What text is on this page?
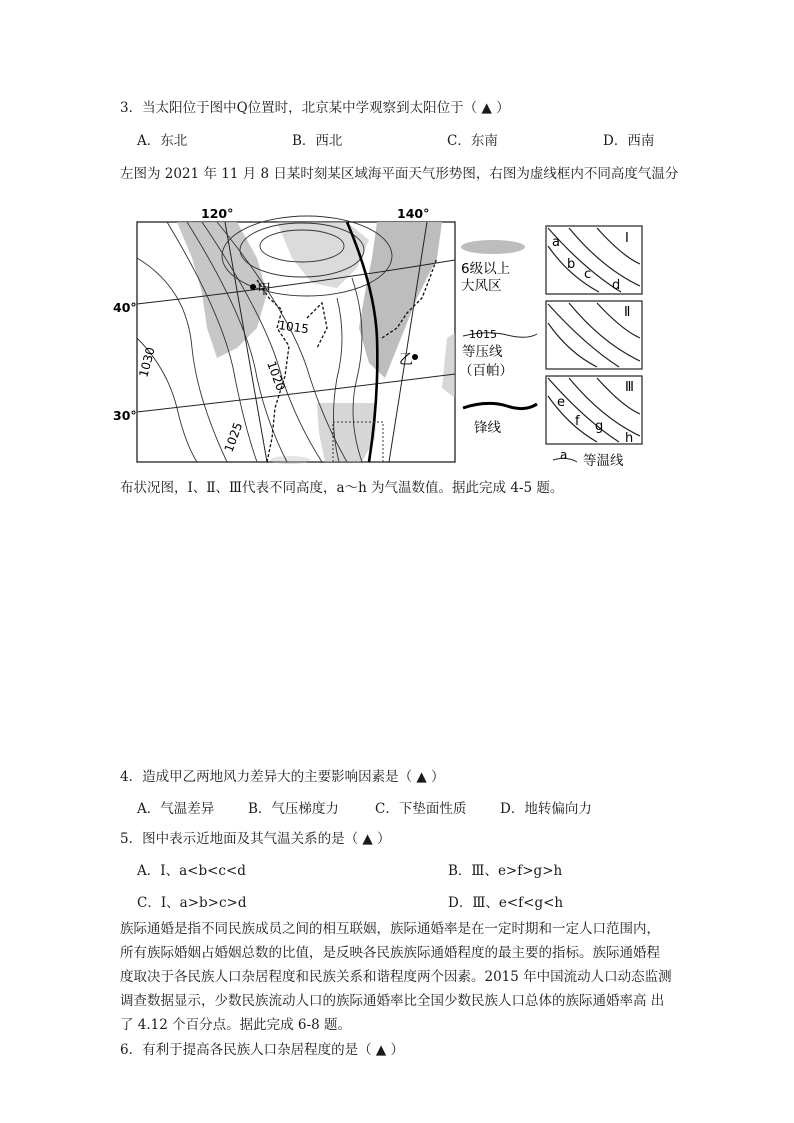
3．当太阳位于图中Q位置时，北京某中学观察到太阳位于（ ▲ ）
A．东北	B．西北	C．东南	D．西南
左图为 2021 年 11 月 8 日某时刻某区域海平面天气形势图，右图为虚线框内不同高度气温分
120°	140°
40°
30°
1015
1020
1025
1030
甲
乙
6级以上
大风区
1015
等压线
（百帕）
锋线
a
b
c
d
Ⅰ
Ⅱ
Ⅲ
e
f g
h
a 等温线
布状况图，Ⅰ、Ⅱ、Ⅲ代表不同高度，a～h 为气温数值。据此完成 4-5 题。
4．造成甲乙两地风力差异大的主要影响因素是（ ▲ ）
A．气温差异	B．气压梯度力	C．下垫面性质 D．地转偏向力
5．图中表示近地面及其气温关系的是（ ▲ ）
A．Ⅰ、a<b<c<d	B．Ⅲ、e>f>g>h
C．Ⅰ、a>b>c>d	D．Ⅲ、e<f<g<h
族际通婚是指不同民族成员之间的相互联姻，族际通婚率是在一定时期和一定人口范围内，
所有族际婚姻占婚姻总数的比值，是反映各民族族际通婚程度的最主要的指标。族际通婚程
度取决于各民族人口杂居程度和民族关系和谐程度两个因素。2015 年中国流动人口动态监测
调查数据显示，少数民族流动人口的族际通婚率比全国少数民族人口总体的族际通婚率高 出
了 4.12 个百分点。据此完成 6-8 题。
6．有利于提高各民族人口杂居程度的是（ ▲ ）
